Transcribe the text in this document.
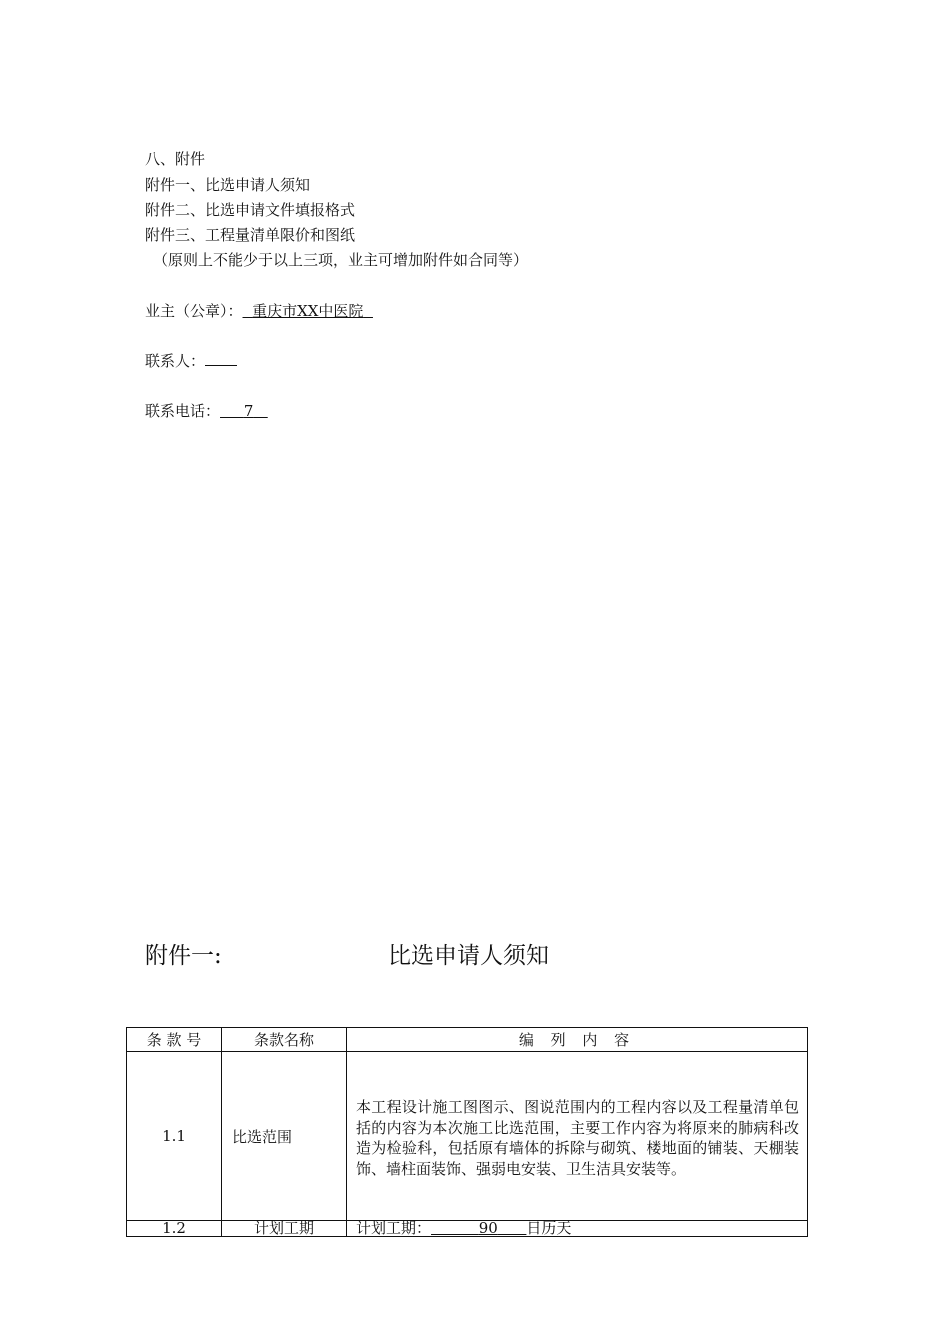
八、附件
附件一、比选申请人须知
附件二、比选申请文件填报格式
附件三、工程量清单限价和图纸
（原则上不能少于以上三项，业主可增加附件如合同等）
业主（公章）： 重庆市XX中医院
联系人：
联系电话： 7
附件一:	比选申请人须知
条 款 号	条款名称	编 列 内 容
1.1	比选范围	本工程设计施工图图示、图说范围内的工程内容以及工程量清单包括的内容为本次施工比选范围，主要工作内容为将原来的肺病科改造为检验科，包括原有墙体的拆除与砌筑、楼地面的铺装、天棚装饰、墙柱面装饰、强弱电安装、卫生洁具安装等。
1.2	计划工期	计划工期： 90 日历天
